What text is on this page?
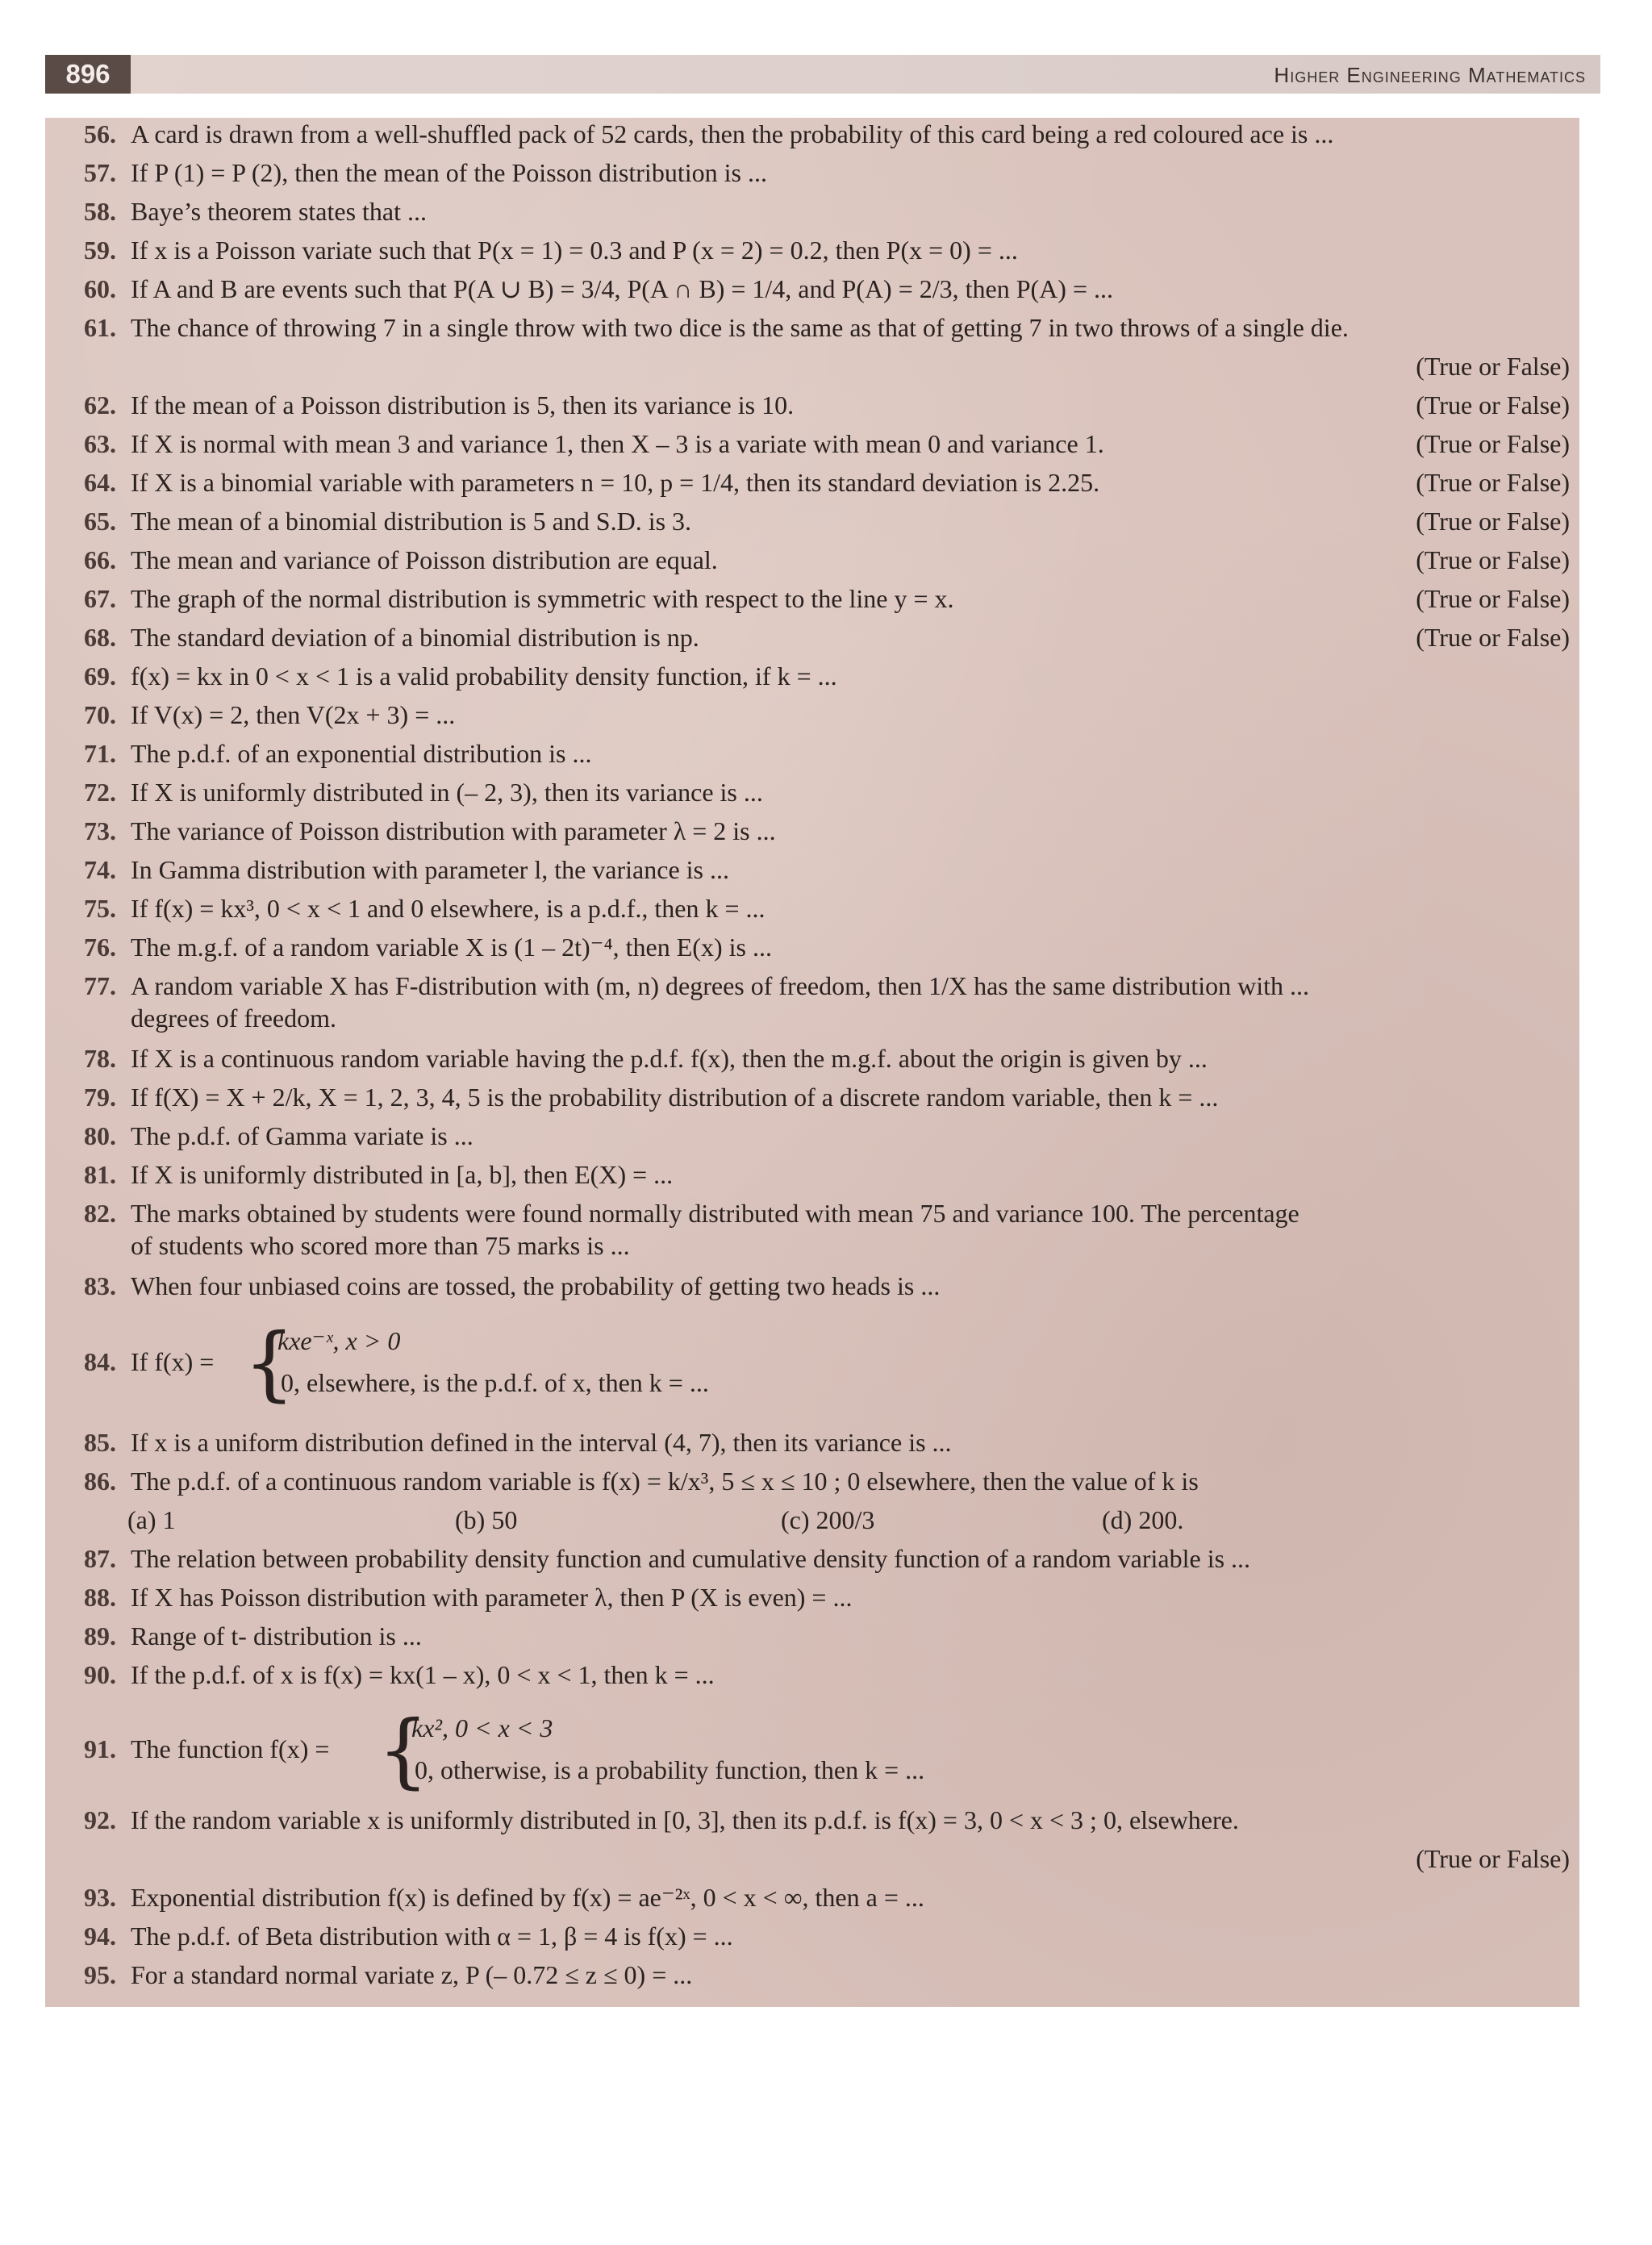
896	Higher Engineering Mathematics
56. A card is drawn from a well-shuffled pack of 52 cards, then the probability of this card being a red coloured ace is ...
57. If P (1) = P (2), then the mean of the Poisson distribution is ...
58. Baye’s theorem states that ...
59. If x is a Poisson variate such that P(x = 1) = 0.3 and P (x = 2) = 0.2, then P(x = 0) = ...
60. If A and B are events such that P(A ∪ B) = 3/4, P(A ∩ B) = 1/4, and P(A) = 2/3, then P(A) = ...
61. The chance of throwing 7 in a single throw with two dice is the same as that of getting 7 in two throws of a single die.
(True or False)
62. If the mean of a Poisson distribution is 5, then its variance is 10.	(True or False)
63. If X is normal with mean 3 and variance 1, then X – 3 is a variate with mean 0 and variance 1.	(True or False)
64. If X is a binomial variable with parameters n = 10, p = 1/4, then its standard deviation is 2.25.	(True or False)
65. The mean of a binomial distribution is 5 and S.D. is 3.	(True or False)
66. The mean and variance of Poisson distribution are equal.	(True or False)
67. The graph of the normal distribution is symmetric with respect to the line y = x.	(True or False)
68. The standard deviation of a binomial distribution is np.	(True or False)
69. f(x) = kx in 0 < x < 1 is a valid probability density function, if k = ...
70. If V(x) = 2, then V(2x + 3) = ...
71. The p.d.f. of an exponential distribution is ...
72. If X is uniformly distributed in (– 2, 3), then its variance is ...
73. The variance of Poisson distribution with parameter λ = 2 is ...
74. In Gamma distribution with parameter l, the variance is ...
75. If f(x) = kx³, 0 < x < 1 and 0 elsewhere, is a p.d.f., then k = ...
76. The m.g.f. of a random variable X is (1 – 2t)⁻⁴, then E(x) is ...
77. A random variable X has F-distribution with (m, n) degrees of freedom, then 1/X has the same distribution with ...
degrees of freedom.
78. If X is a continuous random variable having the p.d.f. f(x), then the m.g.f. about the origin is given by ...
79. If f(X) = X + 2/k, X = 1, 2, 3, 4, 5 is the probability distribution of a discrete random variable, then k = ...
80. The p.d.f. of Gamma variate is ...
81. If X is uniformly distributed in [a, b], then E(X) = ...
82. The marks obtained by students were found normally distributed with mean 75 and variance 100. The percentage
of students who scored more than 75 marks is ...
83. When four unbiased coins are tossed, the probability of getting two heads is ...
84. If f(x) = {
kxe⁻ˣ, x > 0
0, elsewhere, is the p.d.f. of x, then k = ...
85. If x is a uniform distribution defined in the interval (4, 7), then its variance is ...
86. The p.d.f. of a continuous random variable is f(x) = k/x³, 5 ≤ x ≤ 10 ; 0 elsewhere, then the value of k is
(a) 1	(b) 50	(c) 200/3	(d) 200.
87. The relation between probability density function and cumulative density function of a random variable is ...
88. If X has Poisson distribution with parameter λ, then P (X is even) = ...
89. Range of t- distribution is ...
90. If the p.d.f. of x is f(x) = kx(1 – x), 0 < x < 1, then k = ...
91. The function f(x) = {
kx², 0 < x < 3
0, otherwise, is a probability function, then k = ...
92. If the random variable x is uniformly distributed in [0, 3], then its p.d.f. is f(x) = 3, 0 < x < 3 ; 0, elsewhere.
(True or False)
93. Exponential distribution f(x) is defined by f(x) = ae⁻²ˣ, 0 < x < ∞, then a = ...
94. The p.d.f. of Beta distribution with α = 1, β = 4 is f(x) = ...
95. For a standard normal variate z, P (– 0.72 ≤ z ≤ 0) = ...
